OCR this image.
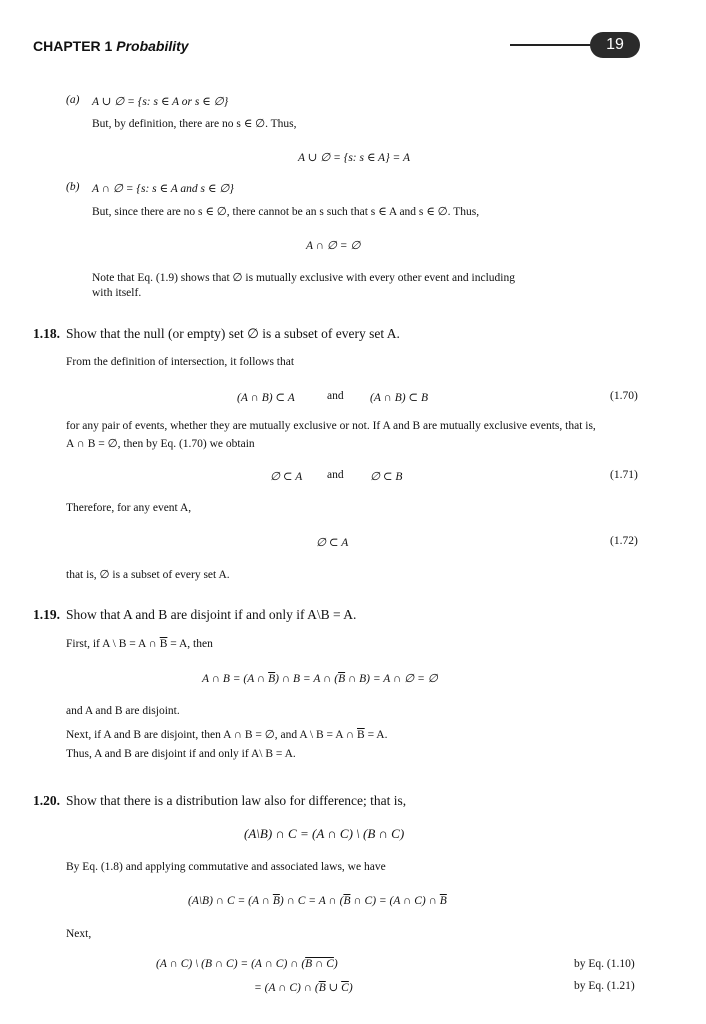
CHAPTER 1 Probability	19
(a) A ∪ ∅ = {s: s ∈ A or s ∈ ∅}
But, by definition, there are no s ∈ ∅. Thus,
A ∪ ∅ = {s: s ∈ A} = A
(b) A ∩ ∅ = {s: s ∈ A and s ∈ ∅}
But, since there are no s ∈ ∅, there cannot be an s such that s ∈ A and s ∈ ∅. Thus,
A ∩ ∅ = ∅
Note that Eq. (1.9) shows that ∅ is mutually exclusive with every other event and including
with itself.
1.18. Show that the null (or empty) set ∅ is a subset of every set A.
From the definition of intersection, it follows that
(A ∩ B) ⊂ A	and (A ∩ B) ⊂ B	(1.70)
for any pair of events, whether they are mutually exclusive or not. If A and B are mutually exclusive events, that is,
A ∩ B = ∅, then by Eq. (1.70) we obtain
∅ ⊂ A and ∅ ⊂ B	(1.71)
Therefore, for any event A,
∅ ⊂ A	(1.72)
that is, ∅ is a subset of every set A.
1.19. Show that A and B are disjoint if and only if A\B = A.
First, if A \ B = A ∩ $\overline{B} = A$, then
A ∩ B = (A ∩ $\overline{B}$) ∩ B = A ∩ ($\overline{B}$ ∩ B) = A ∩ ∅ = ∅
and A and B are disjoint.
Next, if A and B are disjoint, then A ∩ B = ∅, and A \ B = A ∩ $\overline{B} = A$.
Thus, A and B are disjoint if and only if A\ B = A.
1.20. Show that there is a distribution law also for difference; that is,
(A\B) ∩ C = (A ∩ C) \ (B ∩ C)
By Eq. (1.8) and applying commutative and associated laws, we have
(A\B) ∩ C = (A ∩ $\overline{B}$) ∩ C = A ∩ ($\overline{B}$ ∩ C) = (A ∩ C) ∩ $\overline{B}$
Next,
(A ∩ C) \ (B ∩ C) = (A ∩ C) ∩ (B ∩ C)	by Eq. (1.10)
= (A ∩ C) ∩ ($\overline{B}$ ∪ $\overline{C}$)	by Eq. (1.21)
